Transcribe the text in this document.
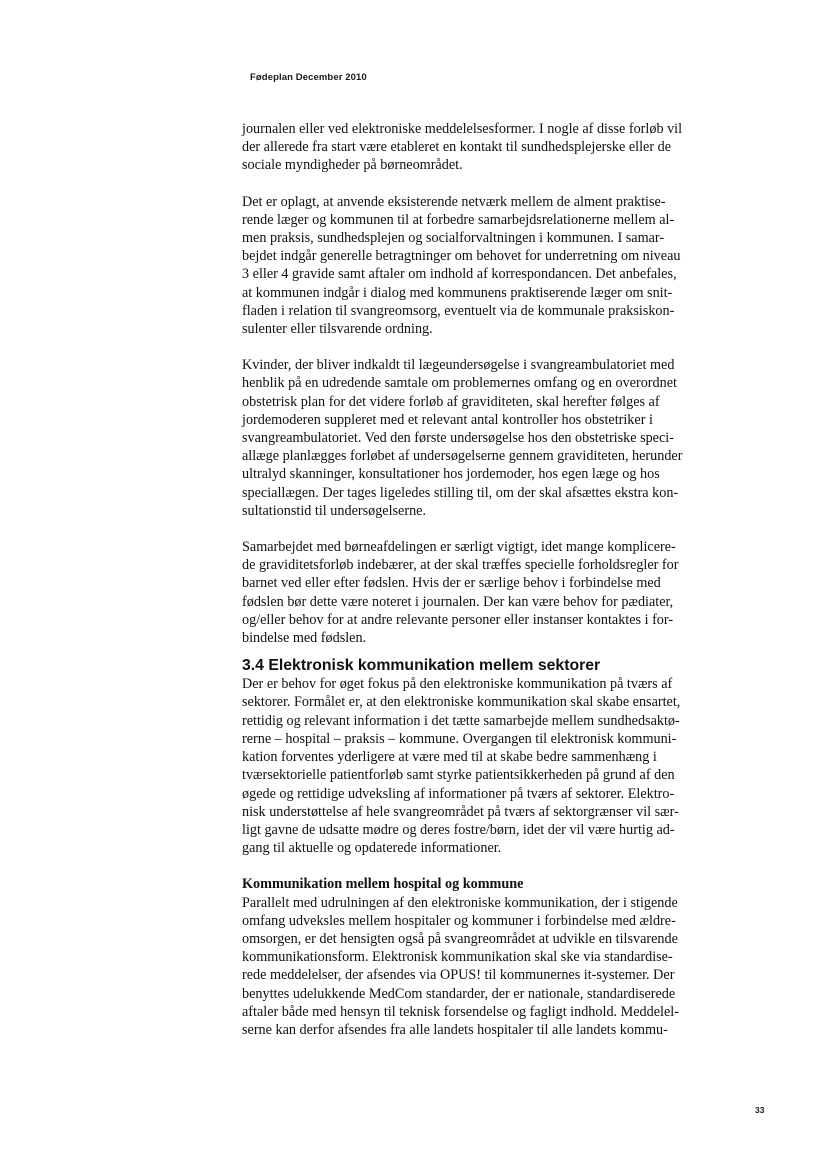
Fødeplan December 2010
journalen eller ved elektroniske meddelelsesformer. I nogle af disse forløb vil
der allerede fra start være etableret en kontakt til sundhedsplejerske eller de
sociale myndigheder på børneområdet.
Det er oplagt, at anvende eksisterende netværk mellem de alment praktise-
rende læger og kommunen til at forbedre samarbejdsrelationerne mellem al-
men praksis, sundhedsplejen og socialforvaltningen i kommunen. I samar-
bejdet indgår generelle betragtninger om behovet for underretning om niveau
3 eller 4 gravide samt aftaler om indhold af korrespondancen. Det anbefales,
at kommunen indgår i dialog med kommunens praktiserende læger om snit-
fladen i relation til svangreomsorg, eventuelt via de kommunale praksiskon-
sulenter eller tilsvarende ordning.
Kvinder, der bliver indkaldt til lægeundersøgelse i svangreambulatoriet med
henblik på en udredende samtale om problemernes omfang og en overordnet
obstetrisk plan for det videre forløb af graviditeten, skal herefter følges af
jordemoderen suppleret med et relevant antal kontroller hos obstetriker i
svangreambulatoriet. Ved den første undersøgelse hos den obstetriske speci-
allæge planlægges forløbet af undersøgelserne gennem graviditeten, herunder
ultralyd skanninger, konsultationer hos jordemoder, hos egen læge og hos
speciallægen. Der tages ligeledes stilling til, om der skal afsættes ekstra kon-
sultationstid til undersøgelserne.
Samarbejdet med børneafdelingen er særligt vigtigt, idet mange komplicere-
de graviditetsforløb indebærer, at der skal træffes specielle forholdsregler for
barnet ved eller efter fødslen. Hvis der er særlige behov i forbindelse med
fødslen bør dette være noteret i journalen. Der kan være behov for pædiater,
og/eller behov for at andre relevante personer eller instanser kontaktes i for-
bindelse med fødslen.
3.4 Elektronisk kommunikation mellem sektorer
Der er behov for øget fokus på den elektroniske kommunikation på tværs af
sektorer. Formålet er, at den elektroniske kommunikation skal skabe ensartet,
rettidig og relevant information i det tætte samarbejde mellem sundhedsaktø-
rerne – hospital – praksis – kommune. Overgangen til elektronisk kommuni-
kation forventes yderligere at være med til at skabe bedre sammenhæng i
tværsektorielle patientforløb samt styrke patientsikkerheden på grund af den
øgede og rettidige udveksling af informationer på tværs af sektorer. Elektro-
nisk understøttelse af hele svangreområdet på tværs af sektorgrænser vil sær-
ligt gavne de udsatte mødre og deres fostre/børn, idet der vil være hurtig ad-
gang til aktuelle og opdaterede informationer.
Kommunikation mellem hospital og kommune
Parallelt med udrulningen af den elektroniske kommunikation, der i stigende
omfang udveksles mellem hospitaler og kommuner i forbindelse med ældre-
omsorgen, er det hensigten også på svangreområdet at udvikle en tilsvarende
kommunikationsform. Elektronisk kommunikation skal ske via standardise-
rede meddelelser, der afsendes via OPUS! til kommunernes it-systemer. Der
benyttes udelukkende MedCom standarder, der er nationale, standardiserede
aftaler både med hensyn til teknisk forsendelse og fagligt indhold. Meddelel-
serne kan derfor afsendes fra alle landets hospitaler til alle landets kommu-
33
